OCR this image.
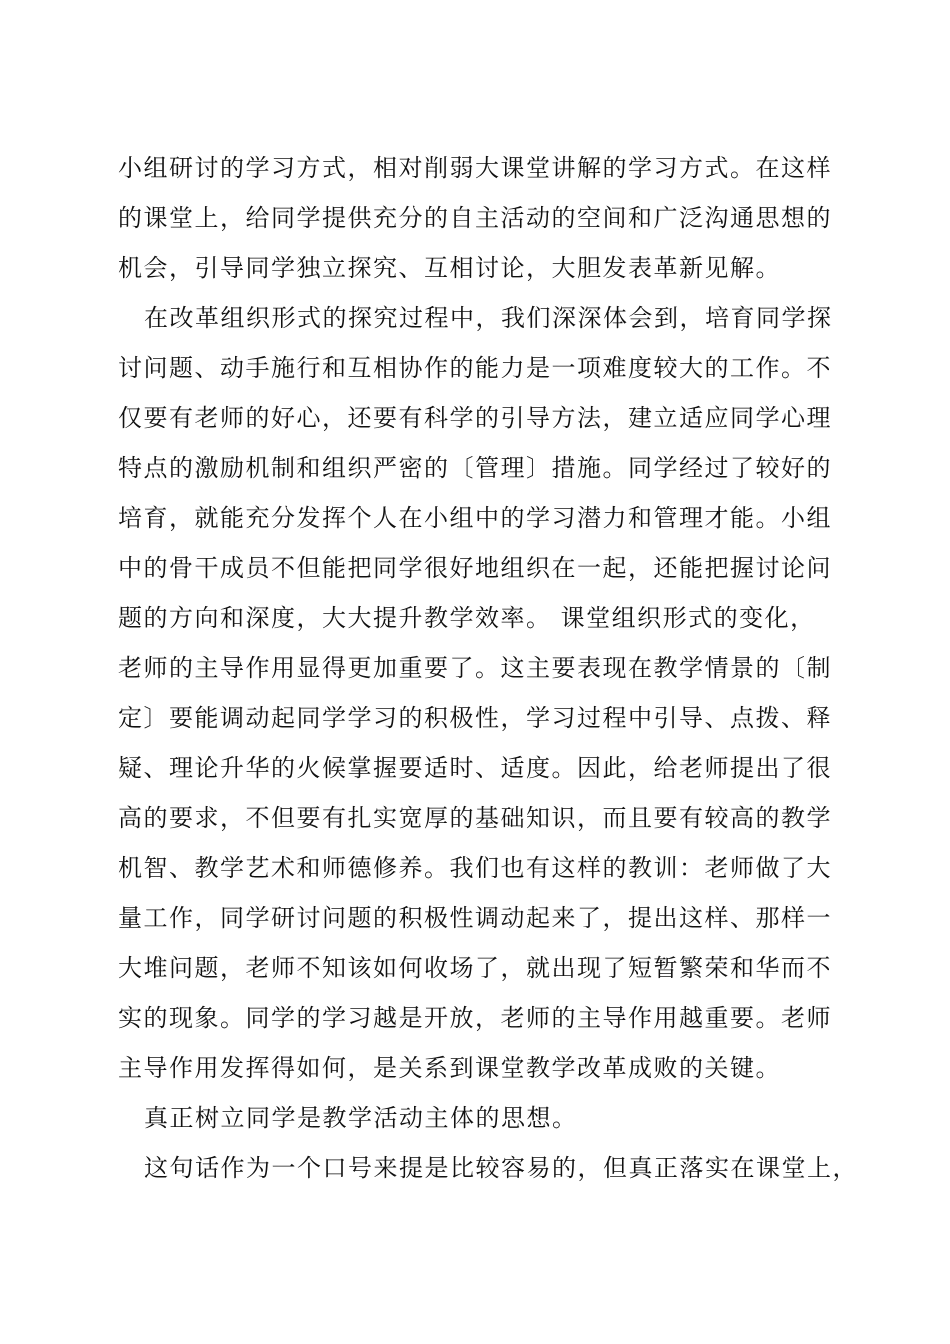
小组研讨的学习方式，相对削弱大课堂讲解的学习方式。在这样
的课堂上，给同学提供充分的自主活动的空间和广泛沟通思想的
机会，引导同学独立探究、互相讨论，大胆发表革新见解。
在改革组织形式的探究过程中，我们深深体会到，培育同学探
讨问题、动手施行和互相协作的能力是一项难度较大的工作。不
仅要有老师的好心，还要有科学的引导方法，建立适应同学心理
特点的激励机制和组织严密的〔管理〕措施。同学经过了较好的
培育，就能充分发挥个人在小组中的学习潜力和管理才能。小组
中的骨干成员不但能把同学很好地组织在一起，还能把握讨论问
题的方向和深度，大大提升教学效率。 课堂组织形式的变化，
老师的主导作用显得更加重要了。这主要表现在教学情景的〔制
定〕要能调动起同学学习的积极性，学习过程中引导、点拨、释
疑、理论升华的火候掌握要适时、适度。因此，给老师提出了很
高的要求，不但要有扎实宽厚的基础知识，而且要有较高的教学
机智、教学艺术和师德修养。我们也有这样的教训：老师做了大
量工作，同学研讨问题的积极性调动起来了，提出这样、那样一
大堆问题，老师不知该如何收场了，就出现了短暂繁荣和华而不
实的现象。同学的学习越是开放，老师的主导作用越重要。老师
主导作用发挥得如何，是关系到课堂教学改革成败的关键。
真正树立同学是教学活动主体的思想。
这句话作为一个口号来提是比较容易的，但真正落实在课堂上，
